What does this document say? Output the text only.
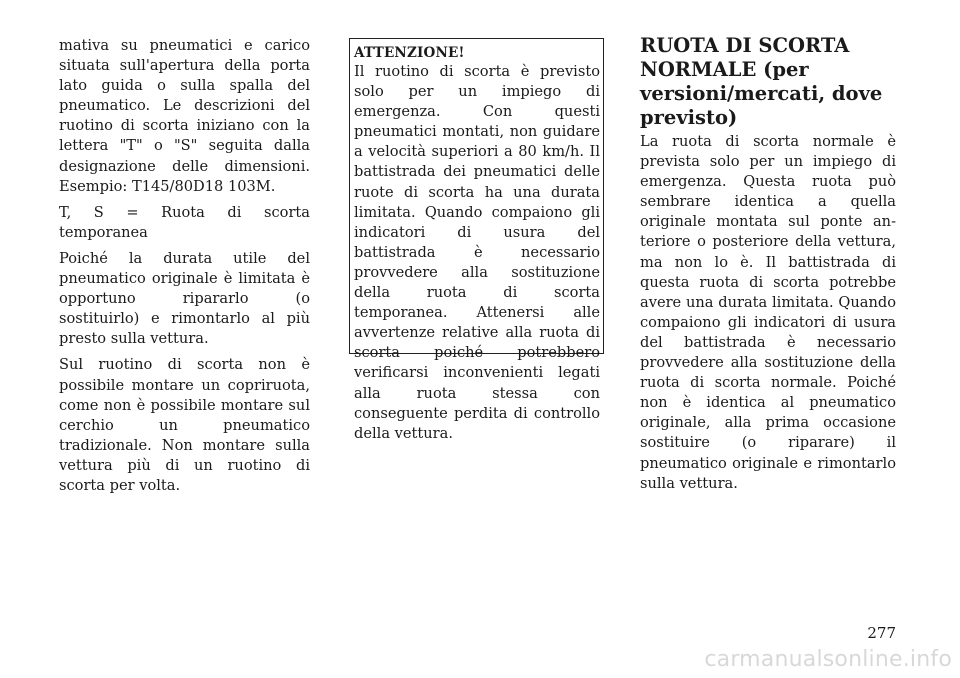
mativa su pneumatici e carico situata sull'apertura della porta lato guida o sulla spalla del pneumatico. Le descrizioni del ruotino di scorta iniziano con la lettera "T" o "S" seguita dalla designazione delle dimensioni. Esempio: T145/80D18 103M.

T, S = Ruota di scorta temporanea

Poiché la durata utile del pneumatico originale è limitata è opportuno ripararlo (o sostituirlo) e rimontarlo al più presto sulla vettura.

Sul ruotino di scorta non è possibile montare un copriruota, come non è possibile montare sul cerchio un pneumatico tradizionale. Non montare sulla vettura più di un ruotino di scorta per volta.

ATTENZIONE!
Il ruotino di scorta è previsto solo per un impiego di emergenza. Con questi pneumatici montati, non guidare a velocità superiori a 80 km/h. Il battistrada dei pneumatici delle ruote di scorta ha una durata limitata. Quando compaiono gli indicatori di usura del battistrada è necessario provvedere alla sostituzione della ruota di scorta temporanea. Attenersi alle avvertenze relative alla ruota di scorta poiché potrebbero verificarsi inconvenienti legati alla ruota stessa con conseguente perdita di controllo della vettura.
RUOTA DI SCORTA NORMALE (per versioni/mercati, dove previsto)

La ruota di scorta normale è prevista solo per un impiego di emergenza. Questa ruota può sembrare identica a quella originale montata sul ponte anteriore o posteriore della vettura, ma non lo è. Il battistrada di questa ruota di scorta potrebbe avere una durata limitata. Quando compaiono gli indicatori di usura del battistrada è necessario provvedere alla sostituzione della ruota di scorta normale. Poiché non è identica al pneumatico originale, alla prima occasione sostituire (o riparare) il pneumatico originale e rimontarlo sulla vettura.

277
carmanualsonline.info
